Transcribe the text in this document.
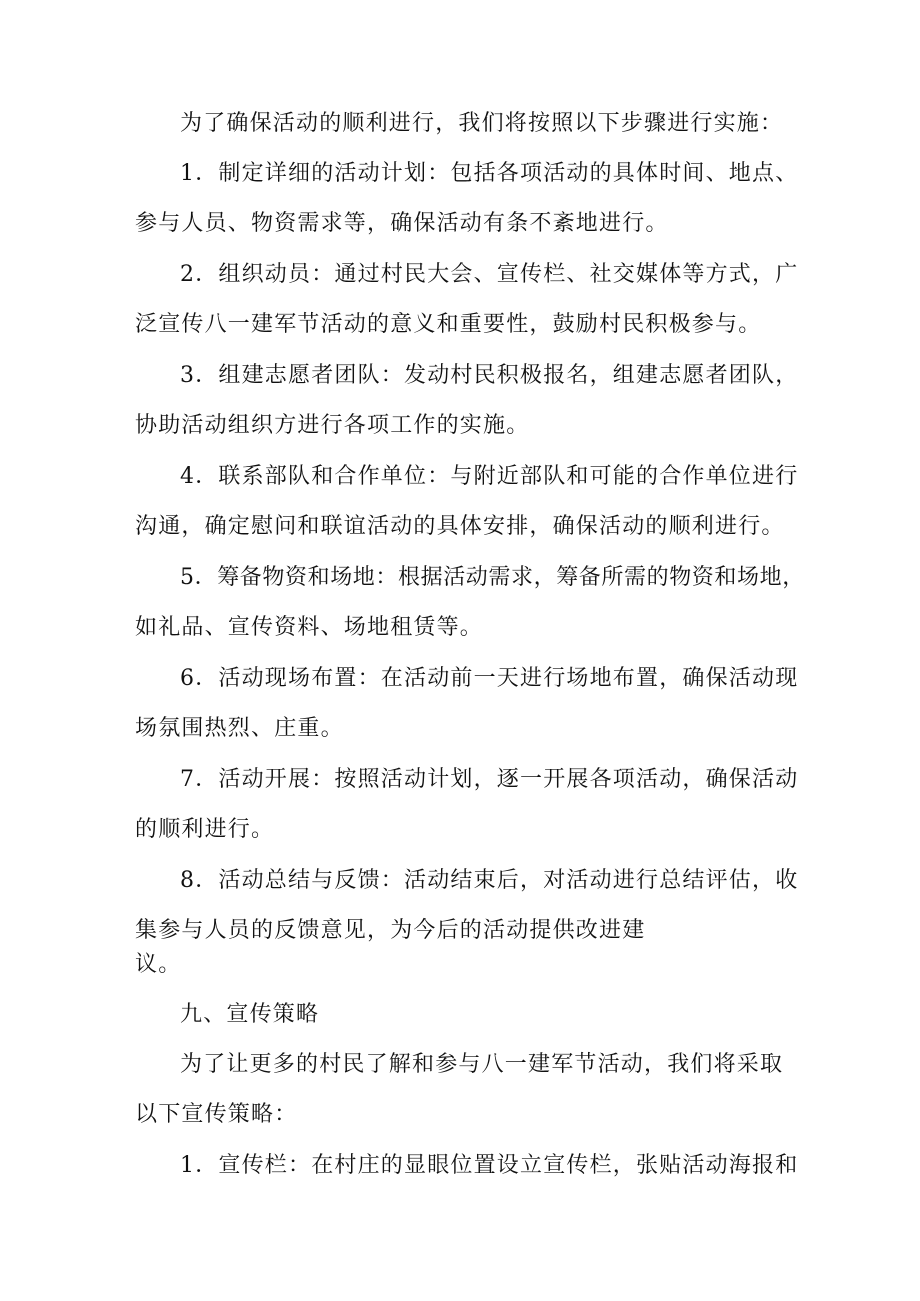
为了确保活动的顺利进行，我们将按照以下步骤进行实施：

1．制定详细的活动计划：包括各项活动的具体时间、地点、

参与人员、物资需求等，确保活动有条不紊地进行。

2．组织动员：通过村民大会、宣传栏、社交媒体等方式，广

泛宣传八一建军节活动的意义和重要性，鼓励村民积极参与。

3．组建志愿者团队：发动村民积极报名，组建志愿者团队，

协助活动组织方进行各项工作的实施。

4．联系部队和合作单位：与附近部队和可能的合作单位进行

沟通，确定慰问和联谊活动的具体安排，确保活动的顺利进行。

5．筹备物资和场地：根据活动需求，筹备所需的物资和场地，

如礼品、宣传资料、场地租赁等。

6．活动现场布置：在活动前一天进行场地布置，确保活动现

场氛围热烈、庄重。

7．活动开展：按照活动计划，逐一开展各项活动，确保活动

的顺利进行。

8．活动总结与反馈：活动结束后，对活动进行总结评估，收

集参与人员的反馈意见，为今后的活动提供改进建

议。

九、宣传策略

为了让更多的村民了解和参与八一建军节活动，我们将采取

以下宣传策略：

1．宣传栏：在村庄的显眼位置设立宣传栏，张贴活动海报和
